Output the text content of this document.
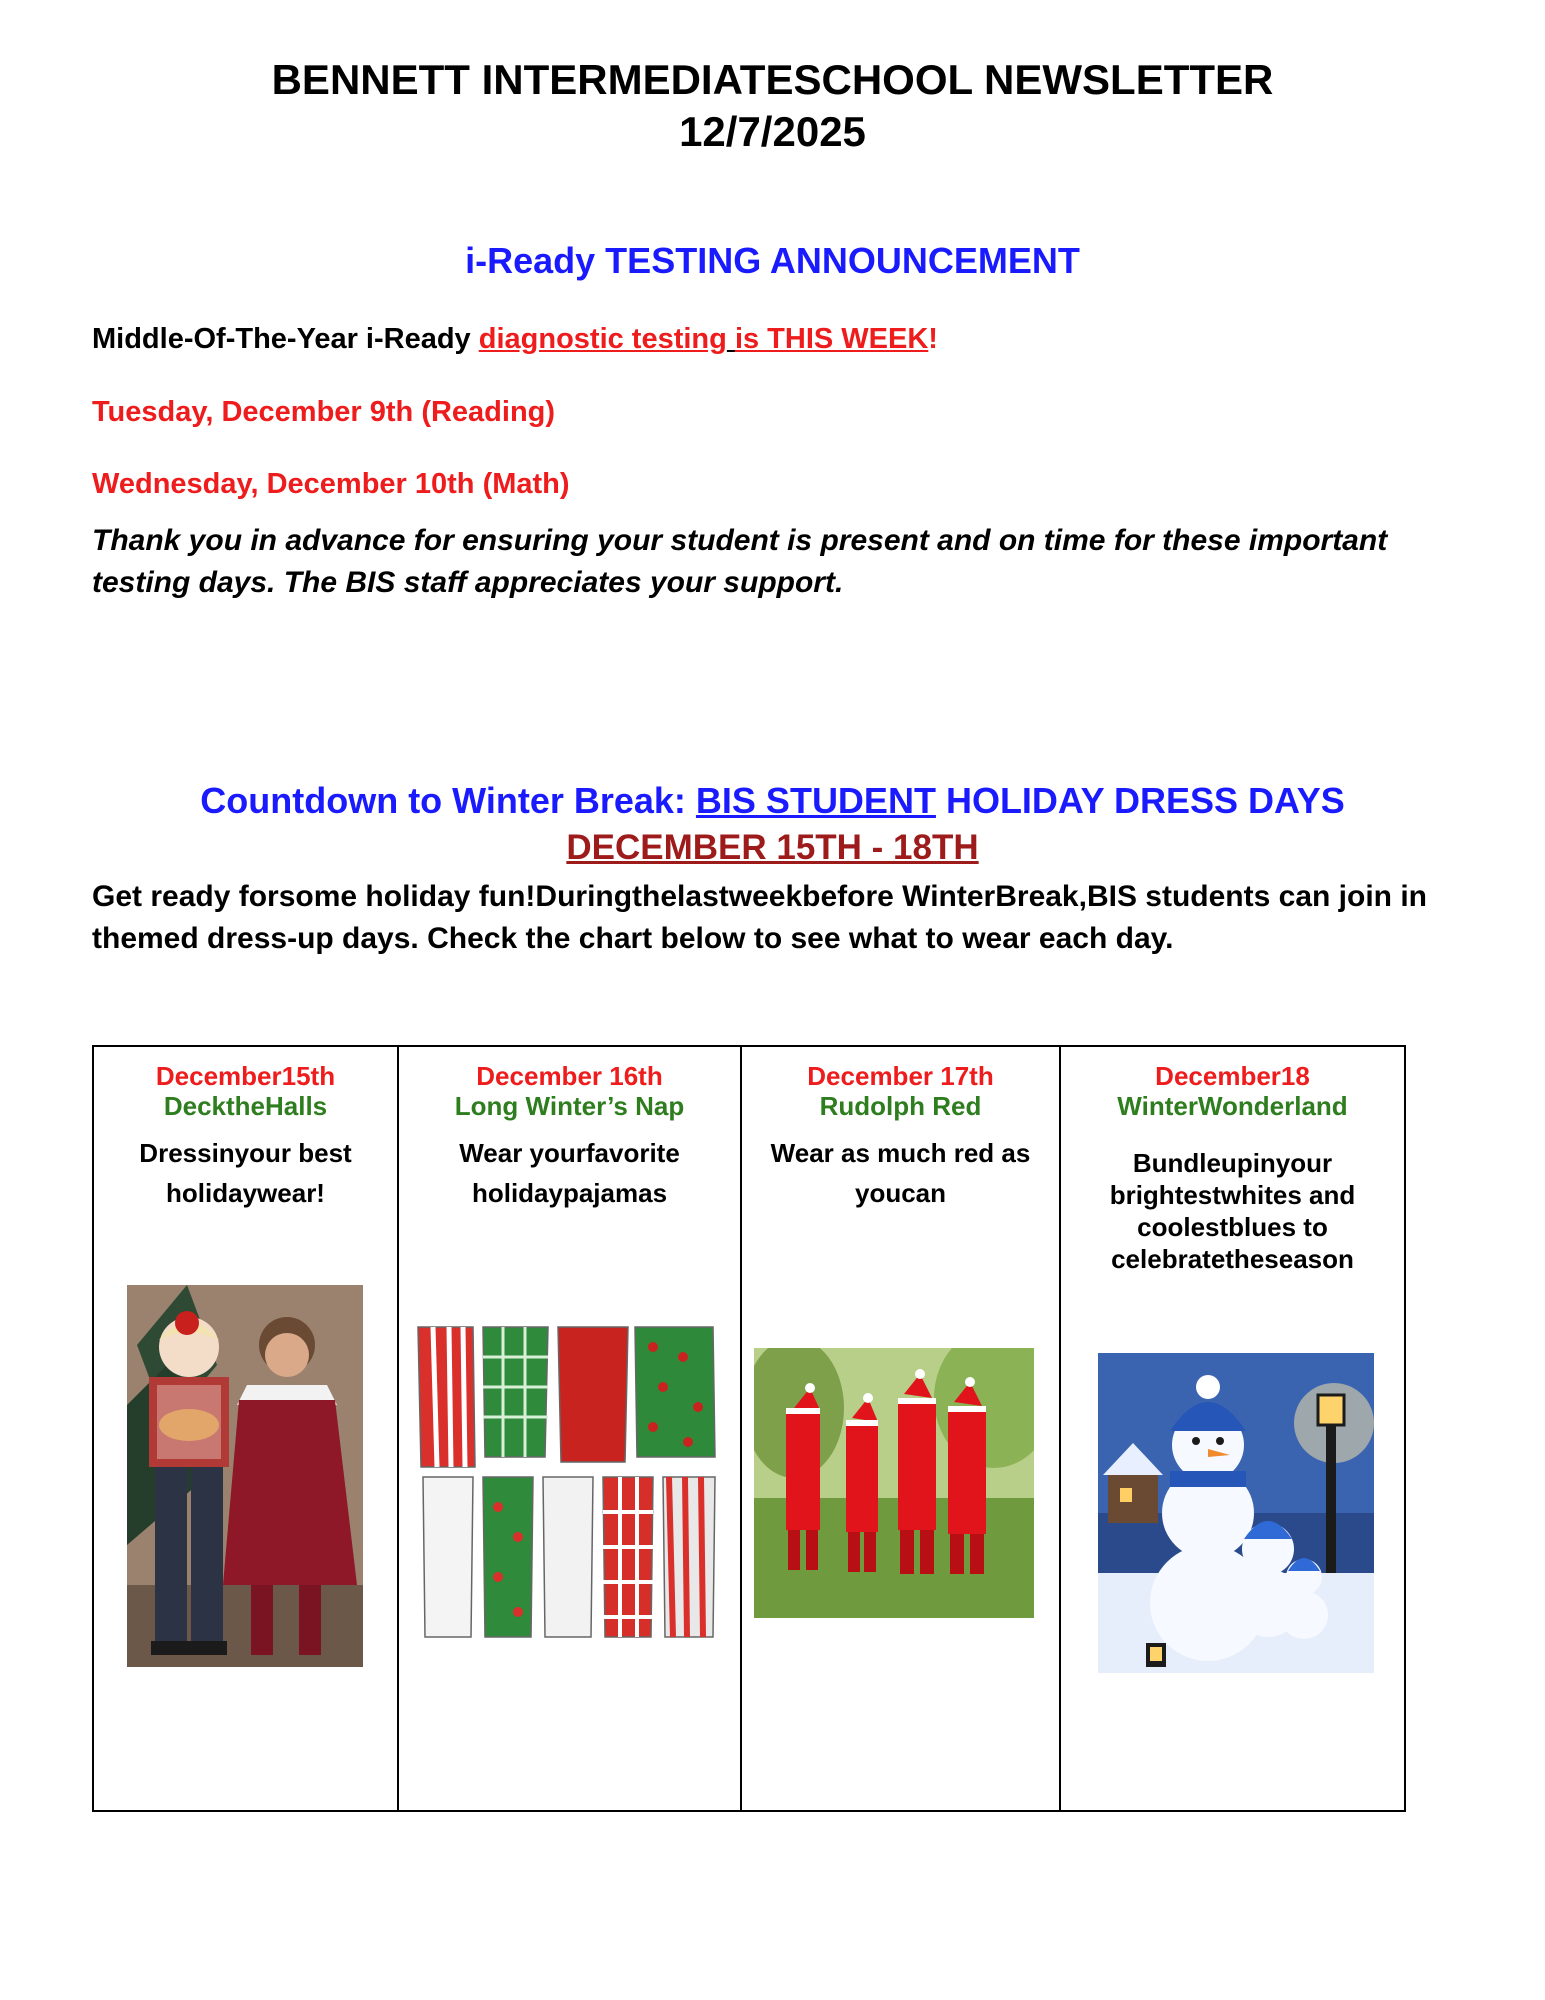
BENNETT INTERMEDIATESCHOOL NEWSLETTER
12/7/2025
i-Ready TESTING ANNOUNCEMENT
Middle-Of-The-Year i-Ready diagnostic testing is THIS WEEK!
Tuesday, December 9th (Reading)
Wednesday, December 10th (Math)
Thank you in advance for ensuring your student is present and on time for these important testing days. The BIS staff appreciates your support.
Countdown to Winter Break: BIS STUDENT HOLIDAY DRESS DAYS
DECEMBER 15TH - 18TH
Get ready forsome holiday fun!Duringthelastweekbefore WinterBreak,BIS students can join in themed dress-up days. Check the chart below to see what to wear each day.
December15th
DecktheHalls
Dressinyour best holidaywear!

December 16th
Long Winter’s Nap
Wear yourfavorite holidaypajamas

December 17th
Rudolph Red
Wear as much red as youcan

December18
WinterWonderland
Bundleupinyour brightestwhites and coolestblues to celebratetheseason
